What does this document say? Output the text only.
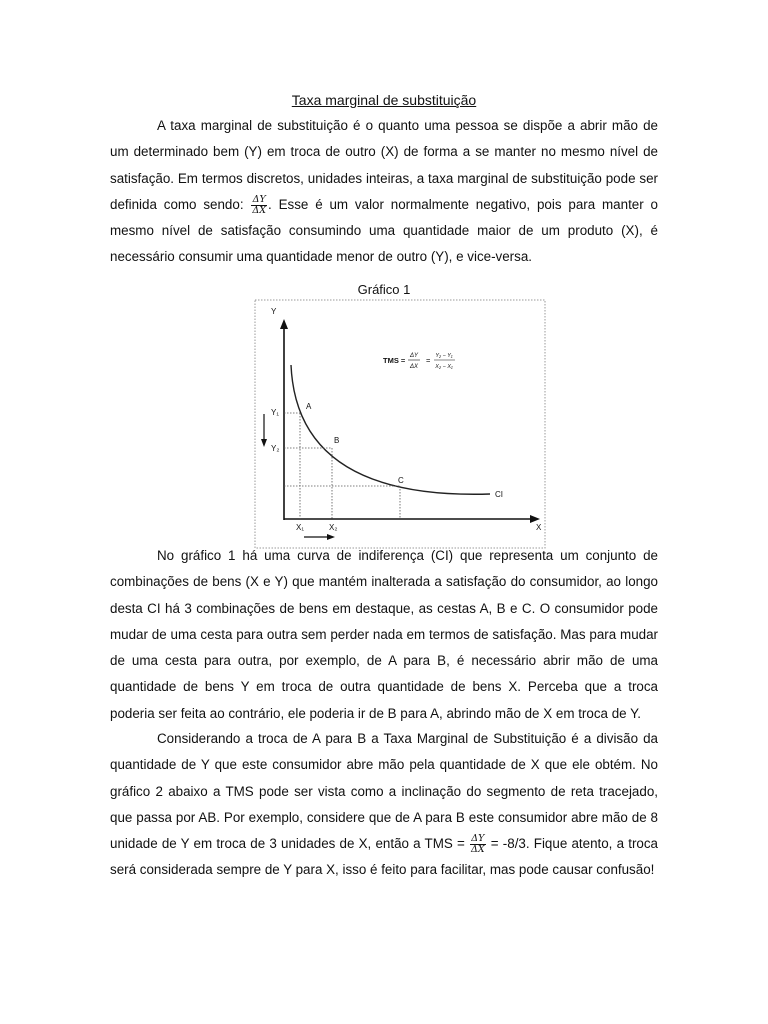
Taxa marginal de substituição

A taxa marginal de substituição é o quanto uma pessoa se dispõe a abrir mão de um determinado bem (Y) em troca de outro (X) de forma a se manter no mesmo nível de satisfação. Em termos discretos, unidades inteiras, a taxa marginal de substituição pode ser definida como sendo: $\frac{\Delta Y}{\Delta X}$ . Esse é um valor normalmente negativo, pois para manter o mesmo nível de satisfação consumindo uma quantidade maior de um produto (X), é necessário consumir uma quantidade menor de outro (Y), e vice-versa.

Gráfico 1
Y
X
CI
A
B
C
Y₁
Y₂
X₁	X₂
TMS = ΔY
ΔX
= Y₂ − Y₁
X₂ − X₁

No gráfico 1 há uma curva de indiferença (CI) que representa um conjunto de combinações de bens (X e Y) que mantém inalterada a satisfação do consumidor, ao longo desta CI há 3 combinações de bens em destaque, as cestas A, B e C. O consumidor pode mudar de uma cesta para outra sem perder nada em termos de satisfação. Mas para mudar de uma cesta para outra, por exemplo, de A para B, é necessário abrir mão de uma quantidade de bens Y em troca de outra quantidade de bens X. Perceba que a troca poderia ser feita ao contrário, ele poderia ir de B para A, abrindo mão de X em troca de Y.

Considerando a troca de A para B a Taxa Marginal de Substituição é a divisão da quantidade de Y que este consumidor abre mão pela quantidade de X que ele obtém. No gráfico 2 abaixo a TMS pode ser vista como a inclinação do segmento de reta tracejado, que passa por AB. Por exemplo, considere que de A para B este consumidor abre mão de 8 unidade de Y em troca de 3 unidades de X, então a TMS = $\frac{\Delta Y}{\Delta X} = -8/3$. Fique atento, a troca será considerada sempre de Y para X, isso é feito para facilitar, mas pode causar confusão!
